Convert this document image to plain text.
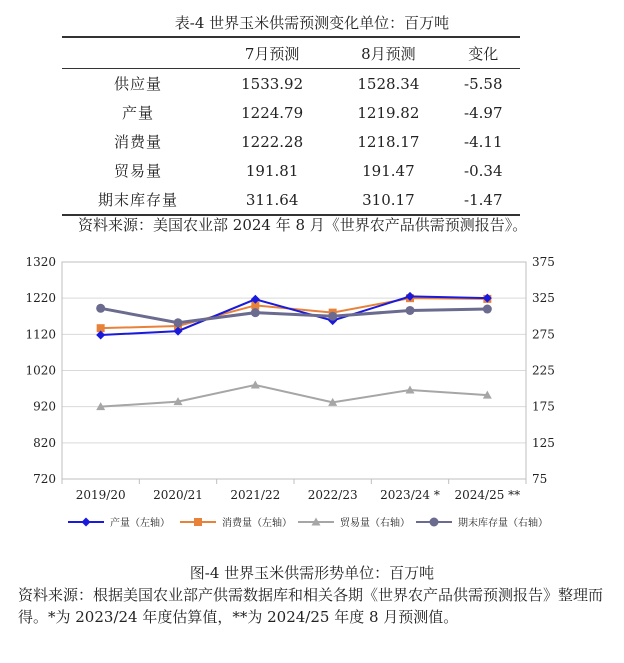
表-4 世界玉米供需预测变化单位：百万吨
	7月预测	8月预测	变化
供应量	1533.92	1528.34	-5.58
产量	1224.79	1219.82	-4.97
消费量	1222.28	1218.17	-4.11
贸易量	191.81	191.47	-0.34
期末库存量	311.64	310.17	-1.47
资料来源：美国农业部 2024 年 8 月《世界农产品供需预测报告》。
720
820
920
1020
1120
1220
1320
75
125
175
225
275
325
375
2019/20 2020/21 2021/22 2022/23 2023/24 * 2024/25 **
产量（左轴）	消费量（左轴）	贸易量（右轴）	期末库存量（右轴）
图-4 世界玉米供需形势单位：百万吨
资料来源：根据美国农业部产供需数据库和相关各期《世界农产品供需预测报告》整理而得。*为 2023/24 年度估算值，**为 2024/25 年度 8 月预测值。
